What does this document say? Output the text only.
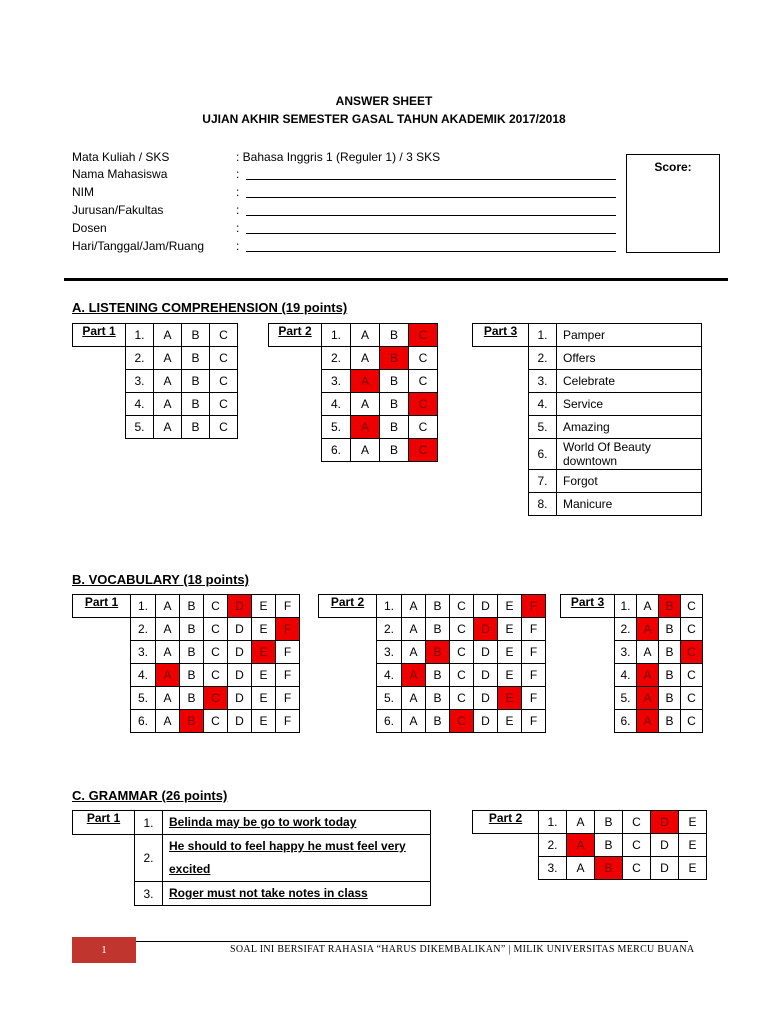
ANSWER SHEET
UJIAN AKHIR SEMESTER GASAL TAHUN AKADEMIK 2017/2018
Mata Kuliah / SKS	: Bahasa Inggris 1 (Reguler 1) / 3 SKS
Nama Mahasiswa	:
NIM	:
Jurusan/Fakultas	:
Dosen	:
Hari/Tanggal/Jam/Ruang	:
Score:
A. LISTENING COMPREHENSION (19 points)
Part 1	1.	A	B	C
	2.	A	B	C
	3.	A	B	C
	4.	A	B	C
	5.	A	B	C
Part 2	1.	A	B	C
	2.	A	B	C
	3.	A	B	C
	4.	A	B	C
	5.	A	B	C
	6.	A	B	C
Part 3	1.	Pamper
	2.	Offers
	3.	Celebrate
	4.	Service
	5.	Amazing
	6.	World Of Beauty downtown
	7.	Forgot
	8.	Manicure
B. VOCABULARY (18 points)
Part 1	1.	A	B	C	D	E	F
	2.	A	B	C	D	E	F
	3.	A	B	C	D	E	F
	4.	A	B	C	D	E	F
	5.	A	B	C	D	E	F
	6.	A	B	C	D	E	F
Part 2	1.	A	B	C	D	E	F
	2.	A	B	C	D	E	F
	3.	A	B	C	D	E	F
	4.	A	B	C	D	E	F
	5.	A	B	C	D	E	F
	6.	A	B	C	D	E	F
Part 3	1.	A	B	C
	2.	A	B	C
	3.	A	B	C
	4.	A	B	C
	5.	A	B	C
	6.	A	B	C
C. GRAMMAR (26 points)
Part 1	1.	Belinda may be go to work today
	2.	He should to feel happy he must feel very excited
	3.	Roger must not take notes in class
Part 2	1.	A	B	C	D	E
	2.	A	B	C	D	E
	3.	A	B	C	D	E
1	SOAL INI BERSIFAT RAHASIA “HARUS DIKEMBALIKAN” | MILIK UNIVERSITAS MERCU BUANA
